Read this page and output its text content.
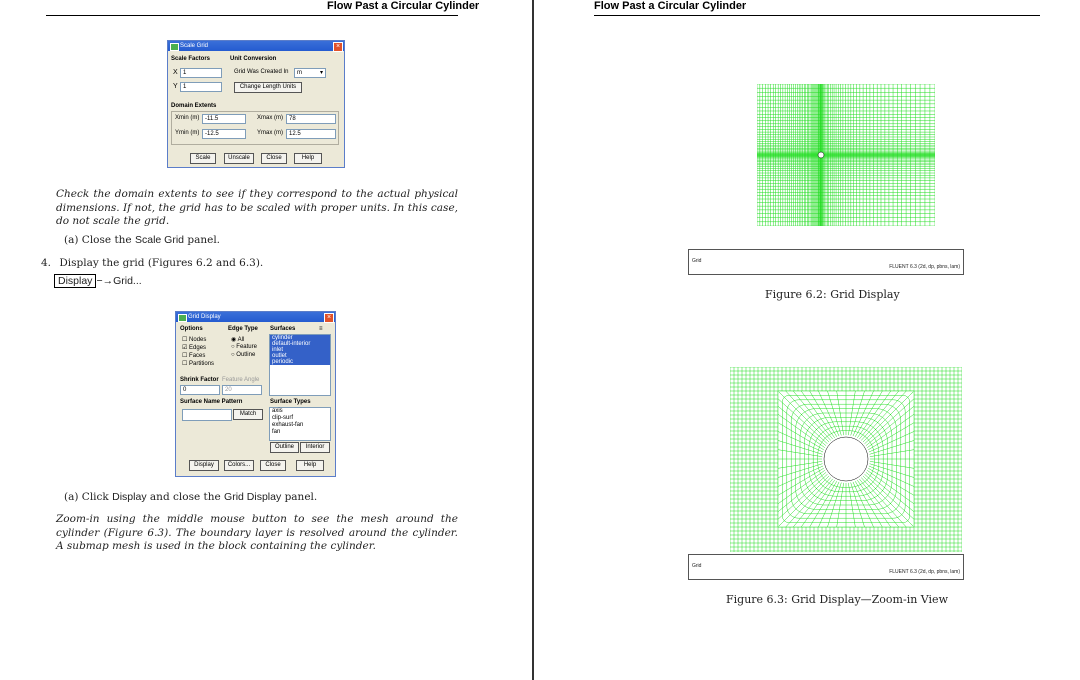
Flow Past a Circular Cylinder
Scale Grid	×
Scale Factors
X 1
Y 1
Unit Conversion
Grid Was Created In	m	▾
Change Length Units
Domain Extents
Xmin (m) -11.5	Xmax (m)	78
Ymin (m) -12.5	Ymax (m)	12.5
Scale	Unscale	Close	Help
Check the domain extents to see if they correspond to the actual physical dimensions. If not, the grid has to be scaled with proper units. In this case, do not scale the grid.
(a) Close the Scale Grid panel.
4. Display the grid (Figures 6.2 and 6.3).
Display −→Grid...
Grid Display	×
Options
☐ Nodes
☑ Edges
☐ Faces
☐ Partitions
Edge Type
◉ All
○ Feature
○ Outline
Surfaces	≡
cylinder
default-interior
inlet
outlet
periodic
Shrink Factor Feature Angle
0	20
Surface Name Pattern
Match
Surface Types
axis
clip-surf
exhaust-fan
fan
Outline	Interior
Display	Colors...	Close	Help
(a) Click Display and close the Grid Display panel.
Zoom-in using the middle mouse button to see the mesh around the cylinder (Figure 6.3). The boundary layer is resolved around the cylinder. A submap mesh is used in the block containing the cylinder.
Flow Past a Circular Cylinder
Grid
FLUENT 6.3 (2d, dp, pbns, lam)
Figure 6.2: Grid Display
Grid
FLUENT 6.3 (2d, dp, pbns, lam)
Figure 6.3: Grid Display—Zoom-in View
